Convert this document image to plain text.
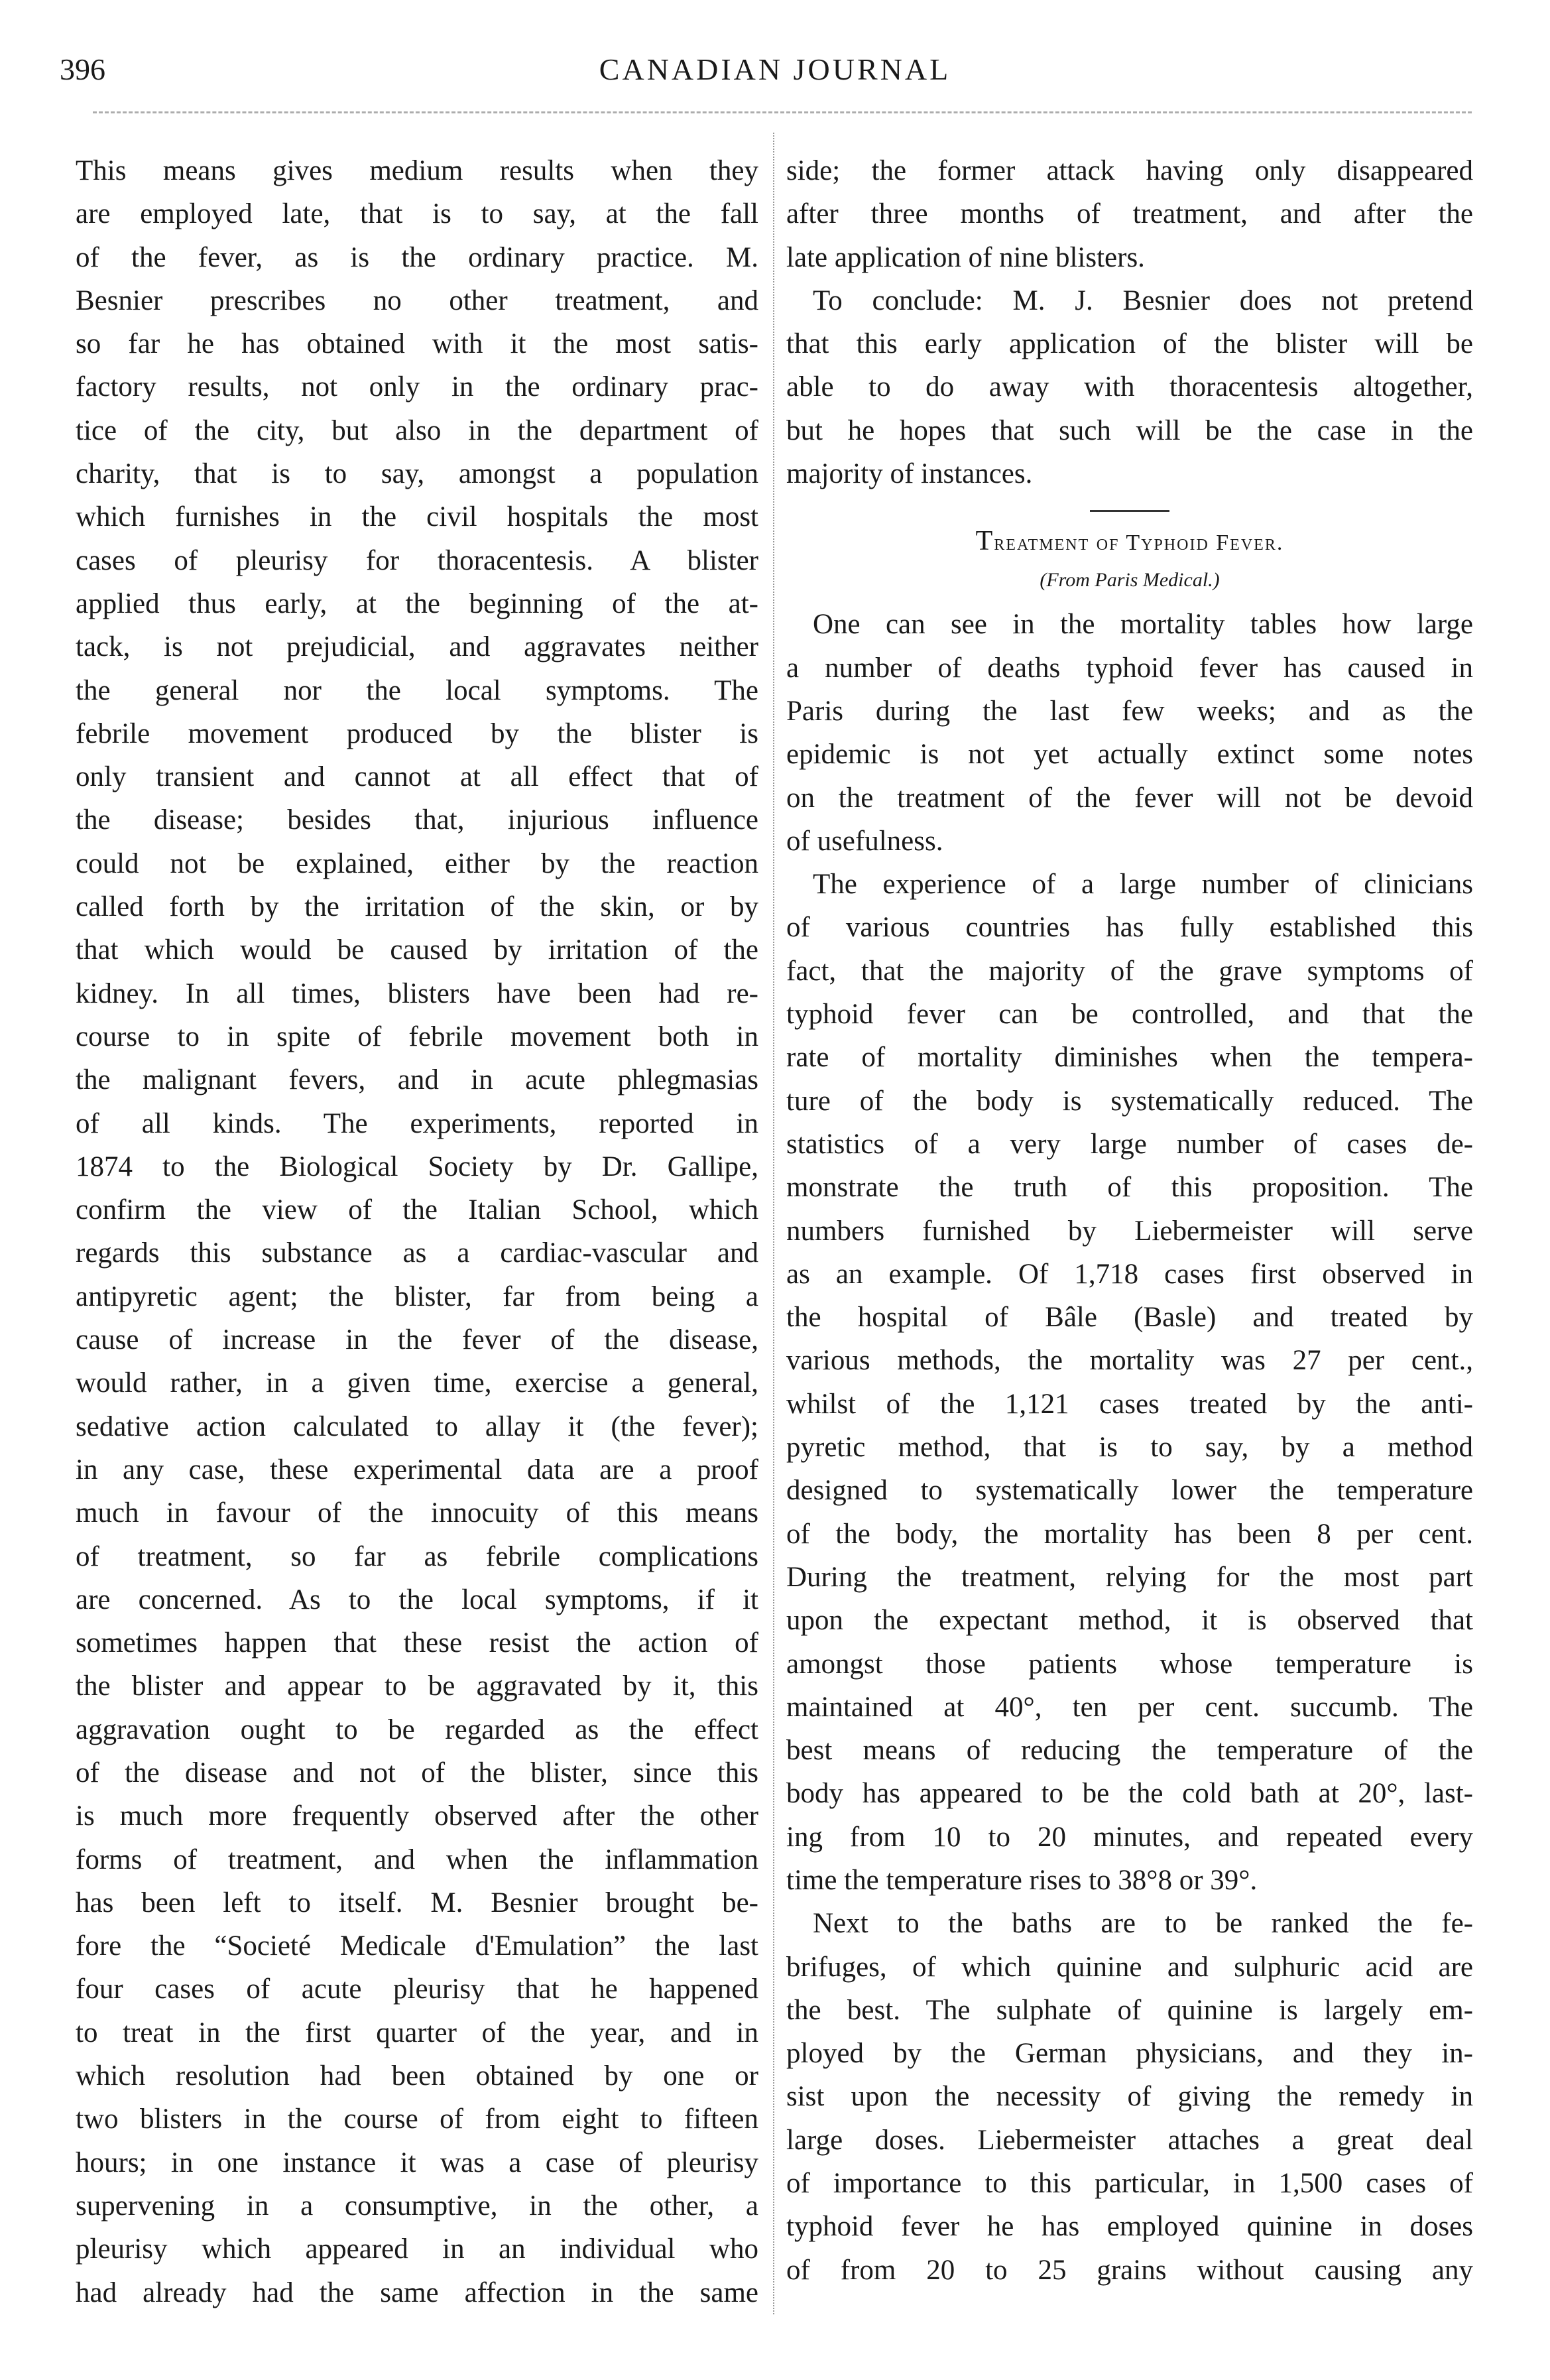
396	CANADIAN JOURNAL
This means gives medium results when they
are employed late, that is to say, at the fall
of the fever, as is the ordinary practice. M.
Besnier prescribes no other treatment, and
so far he has obtained with it the most satis-
factory results, not only in the ordinary prac-
tice of the city, but also in the department of
charity, that is to say, amongst a population
which furnishes in the civil hospitals the most
cases of pleurisy for thoracentesis. A blister
applied thus early, at the beginning of the at-
tack, is not prejudicial, and aggravates neither
the general nor the local symptoms. The
febrile movement produced by the blister is
only transient and cannot at all effect that of
the disease; besides that, injurious influence
could not be explained, either by the reaction
called forth by the irritation of the skin, or by
that which would be caused by irritation of the
kidney. In all times, blisters have been had re-
course to in spite of febrile movement both in
the malignant fevers, and in acute phlegmasias
of all kinds. The experiments, reported in
1874 to the Biological Society by Dr. Gallipe,
confirm the view of the Italian School, which
regards this substance as a cardiac-vascular and
antipyretic agent; the blister, far from being a
cause of increase in the fever of the disease,
would rather, in a given time, exercise a general,
sedative action calculated to allay it (the fever);
in any case, these experimental data are a proof
much in favour of the innocuity of this means
of treatment, so far as febrile complications
are concerned. As to the local symptoms, if it
sometimes happen that these resist the action of
the blister and appear to be aggravated by it, this
aggravation ought to be regarded as the effect
of the disease and not of the blister, since this
is much more frequently observed after the other
forms of treatment, and when the inflammation
has been left to itself. M. Besnier brought be-
fore the “Societé Medicale d'Emulation” the last
four cases of acute pleurisy that he happened
to treat in the first quarter of the year, and in
which resolution had been obtained by one or
two blisters in the course of from eight to fifteen
hours; in one instance it was a case of pleurisy
supervening in a consumptive, in the other, a
pleurisy which appeared in an individual who
had already had the same affection in the same
side; the former attack having only disappeared
after three months of treatment, and after the
late application of nine blisters.
To conclude: M. J. Besnier does not pretend
that this early application of the blister will be
able to do away with thoracentesis altogether,
but he hopes that such will be the case in the
majority of instances.
Treatment of Typhoid Fever.
(From Paris Medical.)
One can see in the mortality tables how large
a number of deaths typhoid fever has caused in
Paris during the last few weeks; and as the
epidemic is not yet actually extinct some notes
on the treatment of the fever will not be devoid
of usefulness.
The experience of a large number of clinicians
of various countries has fully established this
fact, that the majority of the grave symptoms of
typhoid fever can be controlled, and that the
rate of mortality diminishes when the tempera-
ture of the body is systematically reduced. The
statistics of a very large number of cases de-
monstrate the truth of this proposition. The
numbers furnished by Liebermeister will serve
as an example. Of 1,718 cases first observed in
the hospital of Bâle (Basle) and treated by
various methods, the mortality was 27 per cent.,
whilst of the 1,121 cases treated by the anti-
pyretic method, that is to say, by a method
designed to systematically lower the temperature
of the body, the mortality has been 8 per cent.
During the treatment, relying for the most part
upon the expectant method, it is observed that
amongst those patients whose temperature is
maintained at 40°, ten per cent. succumb. The
best means of reducing the temperature of the
body has appeared to be the cold bath at 20°, last-
ing from 10 to 20 minutes, and repeated every
time the temperature rises to 38°8 or 39°.
Next to the baths are to be ranked the fe-
brifuges, of which quinine and sulphuric acid are
the best. The sulphate of quinine is largely em-
ployed by the German physicians, and they in-
sist upon the necessity of giving the remedy in
large doses. Liebermeister attaches a great deal
of importance to this particular, in 1,500 cases of
typhoid fever he has employed quinine in doses
of from 20 to 25 grains without causing any
